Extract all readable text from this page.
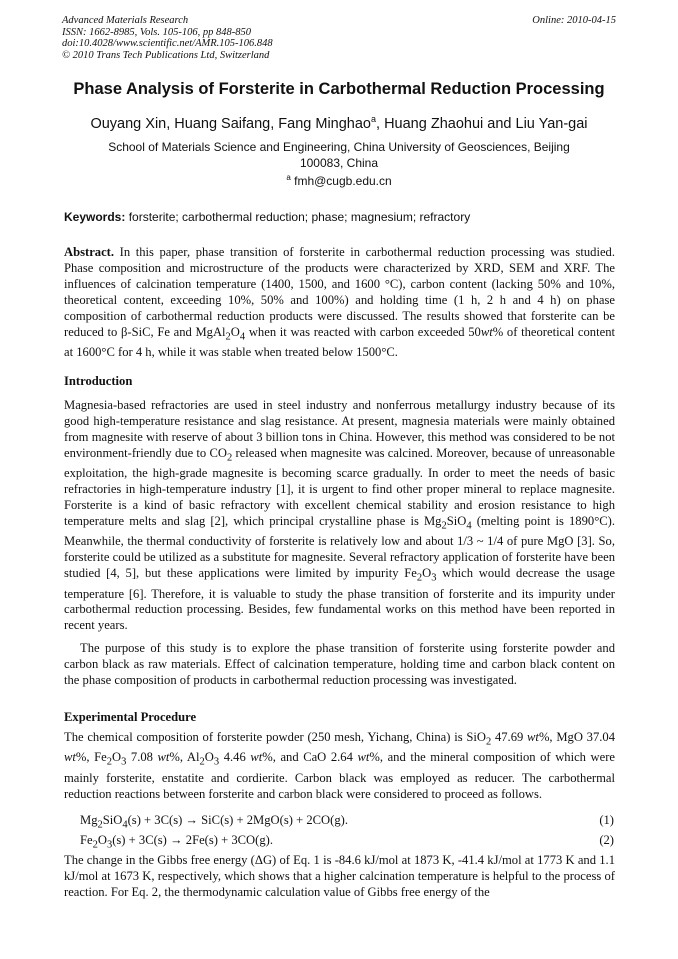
Advanced Materials Research
ISSN: 1662-8985, Vols. 105-106, pp 848-850
doi:10.4028/www.scientific.net/AMR.105-106.848
© 2010 Trans Tech Publications Ltd, Switzerland
Online: 2010-04-15
Phase Analysis of Forsterite in Carbothermal Reduction Processing
Ouyang Xin, Huang Saifang, Fang Minghao$^a$, Huang Zhaohui and Liu Yan-gai
School of Materials Science and Engineering, China University of Geosciences, Beijing
100083, China
$^a$ fmh@cugb.edu.cn
Keywords: forsterite; carbothermal reduction; phase; magnesium; refractory
Abstract. In this paper, phase transition of forsterite in carbothermal reduction processing was studied. Phase composition and microstructure of the products were characterized by XRD, SEM and XRF. The influences of calcination temperature (1400, 1500, and 1600 °C), carbon content (lacking 50% and 10%, theoretical content, exceeding 10%, 50% and 100%) and holding time (1 h, 2 h and 4 h) on phase composition of carbothermal reduction products were discussed. The results showed that forsterite can be reduced to β-SiC, Fe and $MgAl_2O_4$ when it was reacted with carbon exceeded 50wt% of theoretical content at 1600°C for 4 h, while it was stable when treated below 1500°C.
Introduction
Magnesia-based refractories are used in steel industry and nonferrous metallurgy industry because of its good high-temperature resistance and slag resistance. At present, magnesia materials were mainly obtained from magnesite with reserve of about 3 billion tons in China. However, this method was considered to be not environment-friendly due to $CO_2$ released when magnesite was calcined. Moreover, because of unreasonable exploitation, the high-grade magnesite is becoming scarce gradually. In order to meet the needs of basic refractories in high-temperature industry [1], it is urgent to find other proper mineral to replace magnesite. Forsterite is a kind of basic refractory with excellent chemical stability and erosion resistance to high temperature melts and slag [2], which principal crystalline phase is $Mg_2SiO_4$ (melting point is 1890°C). Meanwhile, the thermal conductivity of forsterite is relatively low and about 1/3 ~ 1/4 of pure MgO [3]. So, forsterite could be utilized as a substitute for magnesite. Several refractory application of forsterite have been studied [4, 5], but these applications were limited by impurity $Fe_2O_3$ which would decrease the usage temperature [6]. Therefore, it is valuable to study the phase transition of forsterite and its impurity under carbothermal reduction processing. Besides, few fundamental works on this method have been reported in recent years.
The purpose of this study is to explore the phase transition of forsterite using forsterite powder and carbon black as raw materials. Effect of calcination temperature, holding time and carbon black content on the phase composition of products in carbothermal reduction processing was investigated.
Experimental Procedure
The chemical composition of forsterite powder (250 mesh, Yichang, China) is SiO$_2$ 47.69 wt%, MgO 37.04 wt%, $Fe_2O_3$ 7.08 wt%, $Al_2O_3$ 4.46 wt%, and CaO 2.64 wt%, and the mineral composition of which were mainly forsterite, enstatite and cordierite. Carbon black was employed as reducer. The carbothermal reduction reactions between forsterite and carbon black were considered to proceed as follows.
$Mg_2SiO_4(s) + 3C(s) \to SiC(s) + 2MgO(s) + 2CO(g)$.	(1)
$Fe_2O_3(s) + 3C(s) \to 2Fe(s) + 3CO(g)$.	(2)
The change in the Gibbs free energy (ΔG) of Eq. 1 is -84.6 kJ/mol at 1873 K, -41.4 kJ/mol at 1773 K and 1.1 kJ/mol at 1673 K, respectively, which shows that a higher calcination temperature is helpful to the process of reaction. For Eq. 2, the thermodynamic calculation value of Gibbs free energy of the
